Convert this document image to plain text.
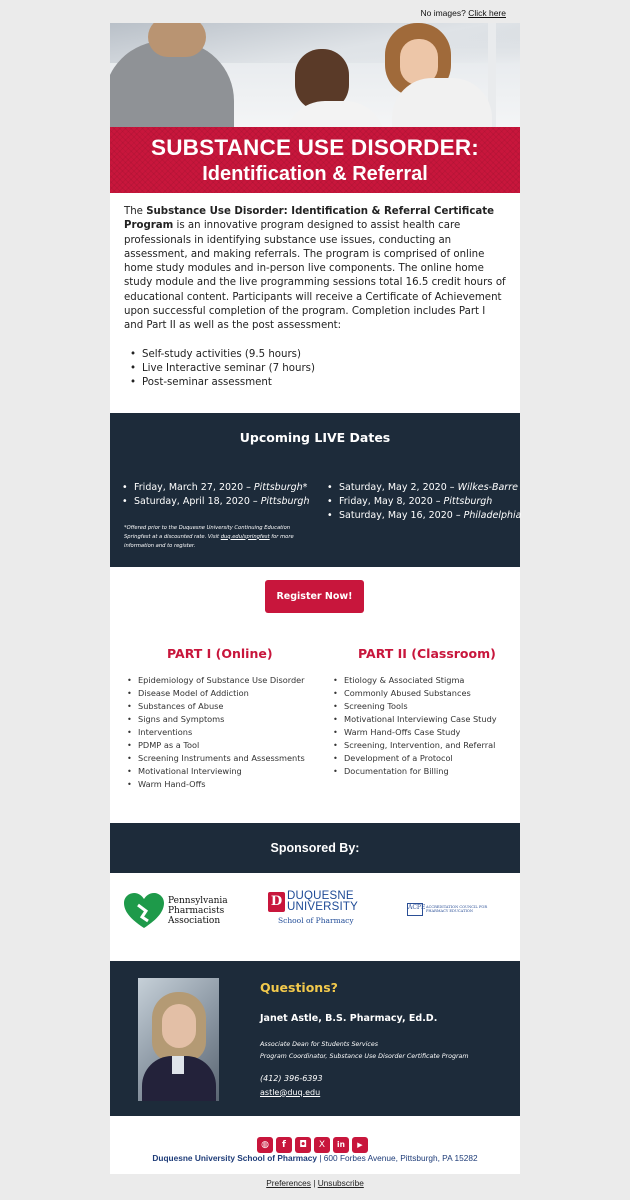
No images? Click here
SUBSTANCE USE DISORDER:
Identification & Referral

The Substance Use Disorder: Identification & Referral Certificate Program is an innovative program designed to assist health care professionals in identifying substance use issues, conducting an assessment, and making referrals. The program is comprised of online home study modules and in-person live components. The online home study module and the live programming sessions total 16.5 credit hours of educational content. Participants will receive a Certificate of Achievement upon successful completion of the program. Completion includes Part I and Part II as well as the post assessment:

• Self-study activities (9.5 hours)
• Live Interactive seminar (7 hours)
• Post-seminar assessment
Upcoming LIVE Dates
• Friday, March 27, 2020 – Pittsburgh*
• Saturday, April 18, 2020 – Pittsburgh
• Saturday, May 2, 2020 – Wilkes-Barre
• Friday, May 8, 2020 – Pittsburgh
• Saturday, May 16, 2020 – Philadelphia
*Offered prior to the Duquesne University Continuing Education Springfest at a discounted rate. Visit duq.edu/springfest for more information and to register.
Register Now!
PART I (Online)	PART II (Classroom)
• Epidemiology of Substance Use Disorder
• Disease Model of Addiction
• Substances of Abuse
• Signs and Symptoms
• Interventions
• PDMP as a Tool
• Screening Instruments and Assessments
• Motivational Interviewing
• Warm Hand-Offs
• Etiology & Associated Stigma
• Commonly Abused Substances
• Screening Tools
• Motivational Interviewing Case Study
• Warm Hand-Offs Case Study
• Screening, Intervention, and Referral
• Development of a Protocol
• Documentation for Billing
Sponsored By:
Pennsylvania
Pharmacists
Association
D DUQUESNE
UNIVERSITY
School of Pharmacy
ACPE ACCREDITATION COUNCIL FOR
PHARMACY EDUCATION
Questions?
Janet Astle, B.S. Pharmacy, Ed.D.
Associate Dean for Students Services
Program Coordinator, Substance Use Disorder Certificate Program
(412) 396-6393
astle@duq.edu
◍	f	◘	X	in	▶
Duquesne University School of Pharmacy | 600 Forbes Avenue, Pittsburgh, PA 15282
Preferences | Unsubscribe
